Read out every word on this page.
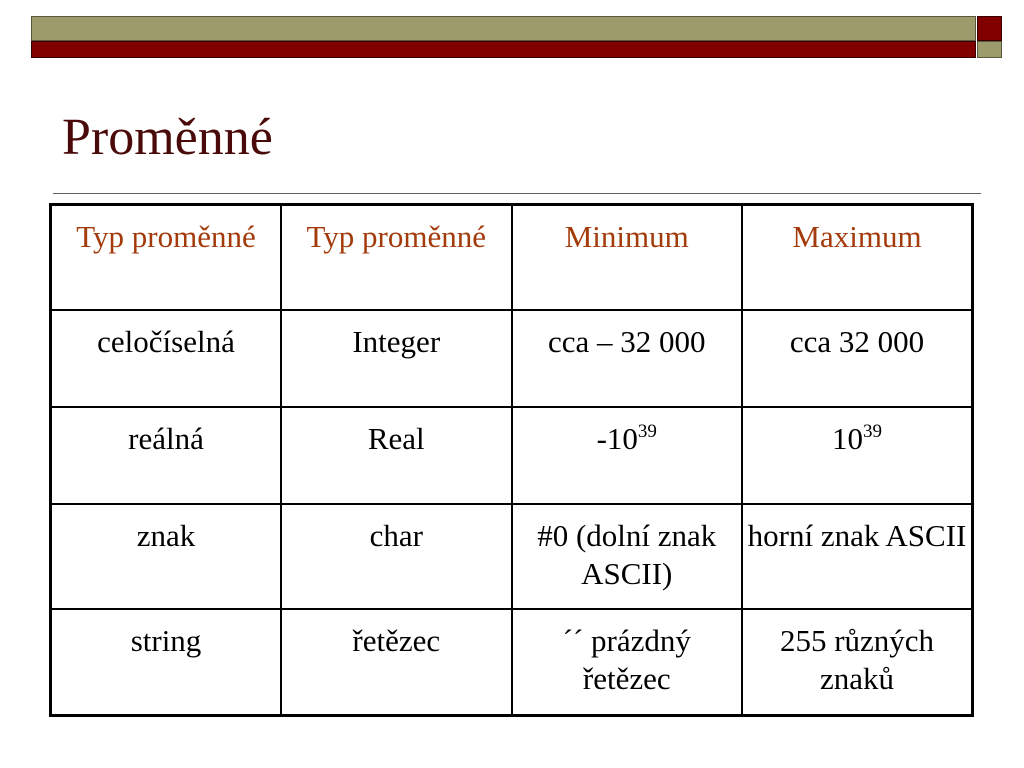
Proměnné
Typ proměnné	Typ proměnné	Minimum	Maximum
celočíselná	Integer	cca – 32 000	cca 32 000
reálná	Real	$-10^{39}$	$10^{39}$
znak	char	#0 (dolní znak ASCII)	horní znak ASCII
string	řetězec	´´ prázdný řetězec	255 různých znaků
